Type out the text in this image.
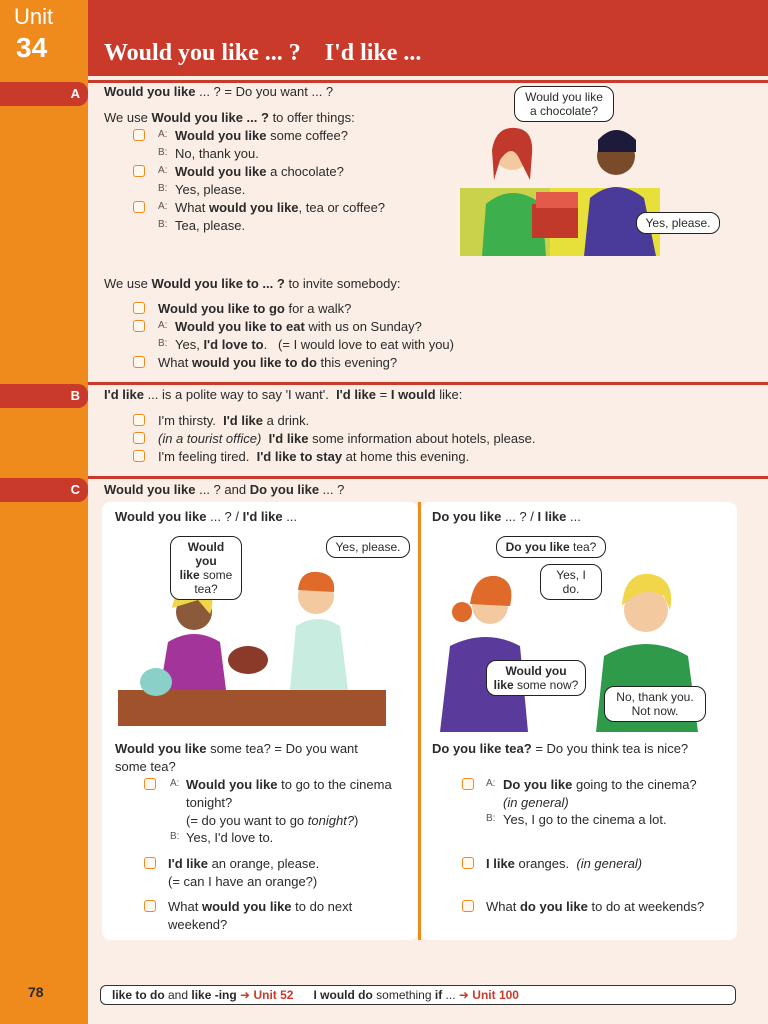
Unit
34 Would you like ... ?    I'd like ...
A
B
C
Would you like ... ? = Do you want ... ?
We use Would you like ... ? to offer things:
A: Would you like some coffee?
B: No, thank you.
A: Would you like a chocolate?
B: Yes, please.
A: What would you like, tea or coffee?
B: Tea, please.
Would you like a chocolate?
Yes, please.
We use Would you like to ... ? to invite somebody:
Would you like to go for a walk?
A: Would you like to eat with us on Sunday?
B: Yes, I'd love to.   (= I would love to eat with you)
What would you like to do this evening?
I'd like ... is a polite way to say 'I want'.  I'd like = I would like:
I'm thirsty.  I'd like a drink.
(in a tourist office) I'd like some information about hotels, please.
I'm feeling tired.  I'd like to stay at home this evening.
Would you like ... ? and Do you like ... ?
Would you like ... ? / I'd like ...	Do you like ... ? / I like ...
Would you
like some tea?
Yes, please.	Do you like tea?
Yes, I do.
Would you
like some now?
No, thank you.
Not now.
Would you like some tea? = Do you want
some tea?
A: Would you like to go to the cinema
tonight?
(= do you want to go tonight?)
B: Yes, I'd love to.
I'd like an orange, please.
(= can I have an orange?)
What would you like to do next
weekend?
Do you like tea? = Do you think tea is nice?
A: Do you like going to the cinema?
(in general)
B: Yes, I go to the cinema a lot.
I like oranges. (in general)
What do you like to do at weekends?
78	like to do and like -ing ➜ Unit 52 I would do something if ... ➜ Unit 100
